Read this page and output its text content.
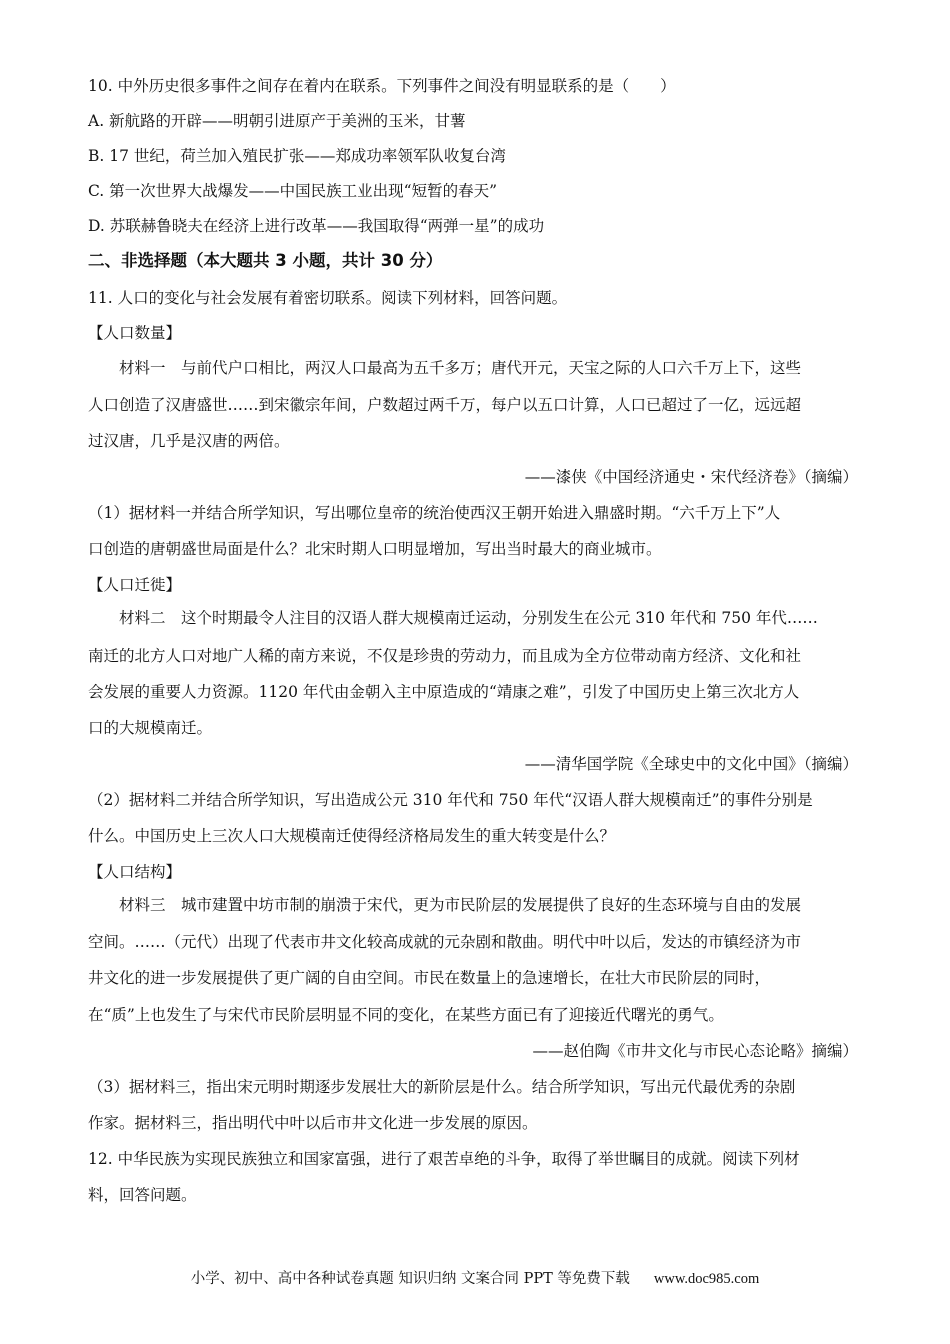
10. 中外历史很多事件之间存在着内在联系。下列事件之间没有明显联系的是（　　）
A. 新航路的开辟——明朝引进原产于美洲的玉米，甘薯
B. 17 世纪，荷兰加入殖民扩张——郑成功率领军队收复台湾
C. 第一次世界大战爆发——中国民族工业出现“短暂的春天”
D. 苏联赫鲁晓夫在经济上进行改革——我国取得“两弹一星”的成功
二、非选择题（本大题共 3 小题，共计 30 分）
11. 人口的变化与社会发展有着密切联系。阅读下列材料，回答问题。
【人口数量】
材料一　与前代户口相比，两汉人口最高为五千多万；唐代开元，天宝之际的人口六千万上下，这些
人口创造了汉唐盛世……到宋徽宗年间，户数超过两千万，每户以五口计算，人口已超过了一亿，远远超
过汉唐，几乎是汉唐的两倍。
——漆侠《中国经济通史・宋代经济卷》（摘编）
（1）据材料一并结合所学知识，写出哪位皇帝的统治使西汉王朝开始进入鼎盛时期。“六千万上下”人
口创造的唐朝盛世局面是什么？北宋时期人口明显增加，写出当时最大的商业城市。
【人口迁徙】
材料二　这个时期最令人注目的汉语人群大规模南迁运动，分别发生在公元 310 年代和 750 年代……
南迁的北方人口对地广人稀的南方来说，不仅是珍贵的劳动力，而且成为全方位带动南方经济、文化和社
会发展的重要人力资源。1120 年代由金朝入主中原造成的“靖康之难”，引发了中国历史上第三次北方人
口的大规模南迁。
——清华国学院《全球史中的文化中国》（摘编）
（2）据材料二并结合所学知识，写出造成公元 310 年代和 750 年代“汉语人群大规模南迁”的事件分别是
什么。中国历史上三次人口大规模南迁使得经济格局发生的重大转变是什么？
【人口结构】
材料三　城市建置中坊市制的崩溃于宋代，更为市民阶层的发展提供了良好的生态环境与自由的发展
空间。……（元代）出现了代表市井文化较高成就的元杂剧和散曲。明代中叶以后，发达的市镇经济为市
井文化的进一步发展提供了更广阔的自由空间。市民在数量上的急速增长，在壮大市民阶层的同时，
在“质”上也发生了与宋代市民阶层明显不同的变化，在某些方面已有了迎接近代曙光的勇气。
——赵伯陶《市井文化与市民心态论略》摘编）
（3）据材料三，指出宋元明时期逐步发展壮大的新阶层是什么。结合所学知识，写出元代最优秀的杂剧
作家。据材料三，指出明代中叶以后市井文化进一步发展的原因。
12. 中华民族为实现民族独立和国家富强，进行了艰苦卓绝的斗争，取得了举世瞩目的成就。阅读下列材
料，回答问题。
小学、初中、高中各种试卷真题 知识归纳 文案合同 PPT 等免费下载 www.doc985.com
